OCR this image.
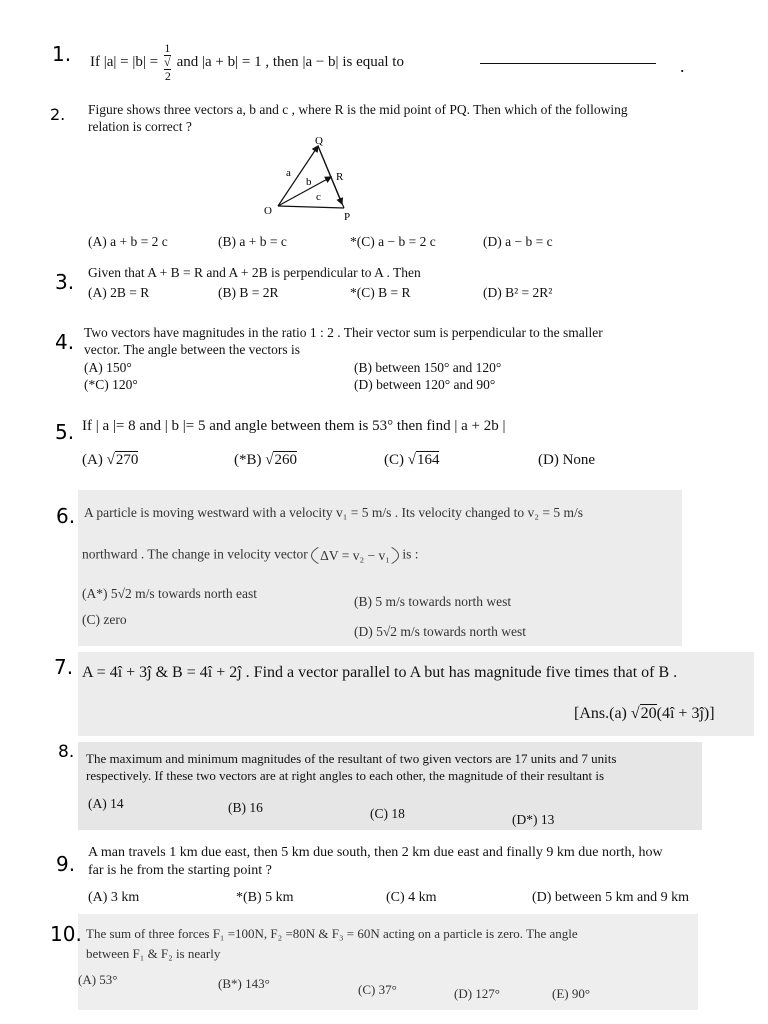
1. If |a| = |b| = 1
√
2 and |a + b| = 1 , then |a − b| is equal to	.
2. Figure shows three vectors a, b and c , where R is the mid point of PQ. Then which of the following
relation is correct ?
Q
R
O	P
a
b
c
(A) a + b = 2 c	(B) a + b = c	*(C) a − b = 2 c	(D) a − b = c
3. Given that A + B = R and A + 2B is perpendicular to A . Then
(A) 2B = R	(B) B = 2R	*(C) B = R	(D) B² = 2R²
4. Two vectors have magnitudes in the ratio 1 : 2 . Their vector sum is perpendicular to the smaller
vector. The angle between the vectors is
(A) 150°	(B) between 150° and 120°
(*C) 120°	(D) between 120° and 90°
5. If | a |= 8 and | b |= 5 and angle between them is 53° then find | a + 2b |
(A) √270	(*B) √260	(C) √164	(D) None
6. A particle is moving westward with a velocity v₁ = 5 m/s . Its velocity changed to v₂ = 5 m/s
northward . The change in velocity vector ΔV = v₂ − v₁ is :
(A*) 5√2 m/s towards north east
(B) 5 m/s towards north west
(C) zero
(D) 5√2 m/s towards north west
7. A = 4î + 3ĵ & B = 4î + 2ĵ . Find a vector parallel to A but has magnitude five times that of B .
[Ans.(a) √20(4î + 3ĵ)]
8. The maximum and minimum magnitudes of the resultant of two given vectors are 17 units and 7 units
respectively. If these two vectors are at right angles to each other, the magnitude of their resultant is
(A) 14	(B) 16	(C) 18	(D*) 13
9. A man travels 1 km due east, then 5 km due south, then 2 km due east and finally 9 km due north, how
far is he from the starting point ?
(A) 3 km	*(B) 5 km	(C) 4 km	(D) between 5 km and 9 km
10. The sum of three forces F₁ =100N, F₂ =80N & F₃ = 60N acting on a particle is zero. The angle
between F₁ & F₂ is nearly
(A) 53°	(B*) 143°	(C) 37°	(D) 127°	(E) 90°
